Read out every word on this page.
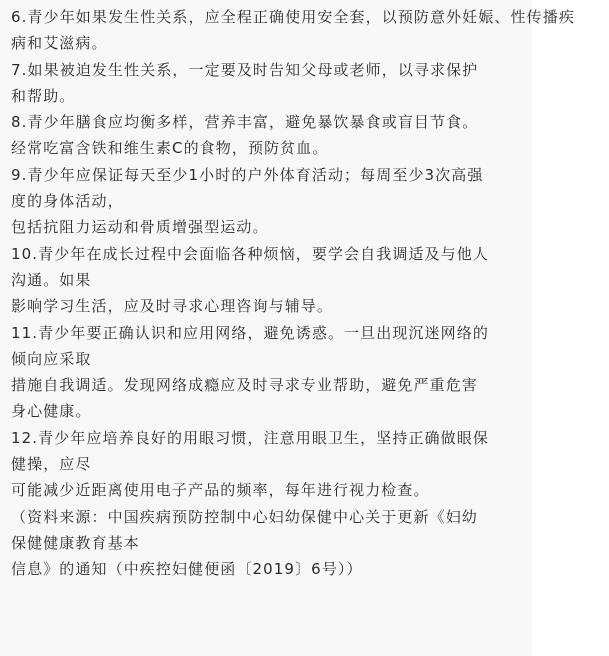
6.青少年如果发生性关系，应全程正确使用安全套，以预防意外妊娠、性传播疾
病和艾滋病。
7.如果被迫发生性关系，一定要及时告知父母或老师，以寻求保护
和帮助。
8.青少年膳食应均衡多样，营养丰富，避免暴饮暴食或盲目节食。
经常吃富含铁和维生素C的食物，预防贫血。
9.青少年应保证每天至少1小时的户外体育活动；每周至少3次高强
度的身体活动，
包括抗阻力运动和骨质增强型运动。
10.青少年在成长过程中会面临各种烦恼，要学会自我调适及与他人
沟通。如果
影响学习生活，应及时寻求心理咨询与辅导。
11.青少年要正确认识和应用网络，避免诱惑。一旦出现沉迷网络的
倾向应采取
措施自我调适。发现网络成瘾应及时寻求专业帮助，避免严重危害
身心健康。
12.青少年应培养良好的用眼习惯，注意用眼卫生，坚持正确做眼保
健操，应尽
可能减少近距离使用电子产品的频率，每年进行视力检查。
（资料来源：中国疾病预防控制中心妇幼保健中心关于更新《妇幼
保健健康教育基本
信息》的通知（中疾控妇健便函〔2019〕6号））
